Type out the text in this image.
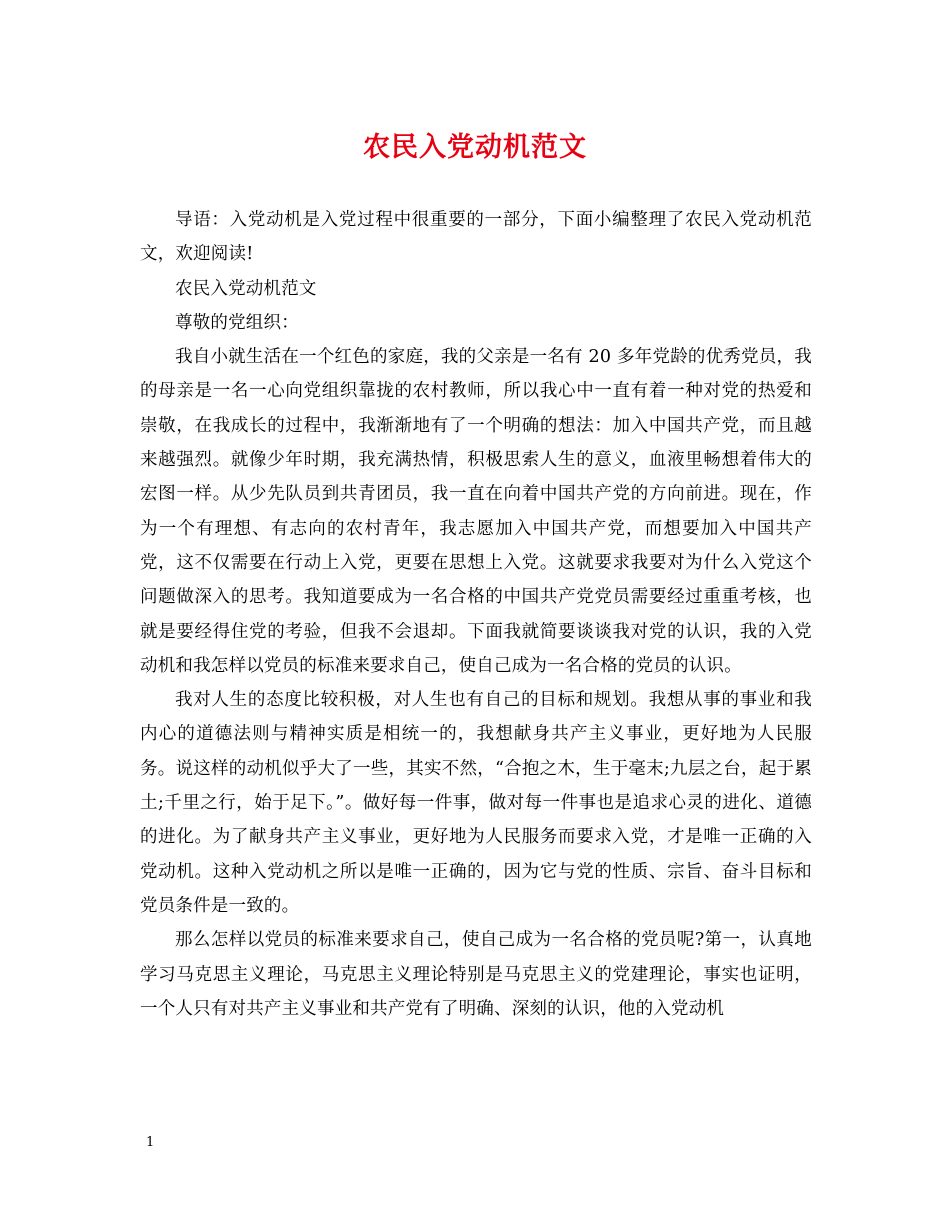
农民入党动机范文

导语：入党动机是入党过程中很重要的一部分，下面小编整理了农民入党动机范文，欢迎阅读!

农民入党动机范文

尊敬的党组织：

我自小就生活在一个红色的家庭，我的父亲是一名有 20 多年党龄的优秀党员，我的母亲是一名一心向党组织靠拢的农村教师，所以我心中一直有着一种对党的热爱和崇敬，在我成长的过程中，我渐渐地有了一个明确的想法：加入中国共产党，而且越来越强烈。就像少年时期，我充满热情，积极思索人生的意义，血液里畅想着伟大的宏图一样。从少先队员到共青团员，我一直在向着中国共产党的方向前进。现在，作为一个有理想、有志向的农村青年，我志愿加入中国共产党，而想要加入中国共产党，这不仅需要在行动上入党，更要在思想上入党。这就要求我要对为什么入党这个问题做深入的思考。我知道要成为一名合格的中国共产党党员需要经过重重考核，也就是要经得住党的考验，但我不会退却。下面我就简要谈谈我对党的认识，我的入党动机和我怎样以党员的标准来要求自己，使自己成为一名合格的党员的认识。

我对人生的态度比较积极，对人生也有自己的目标和规划。我想从事的事业和我内心的道德法则与精神实质是相统一的，我想献身共产主义事业，更好地为人民服务。说这样的动机似乎大了一些，其实不然，“合抱之木，生于毫末;九层之台，起于累土;千里之行，始于足下。”。做好每一件事，做对每一件事也是追求心灵的进化、道德的进化。为了献身共产主义事业，更好地为人民服务而要求入党，才是唯一正确的入党动机。这种入党动机之所以是唯一正确的，因为它与党的性质、宗旨、奋斗目标和党员条件是一致的。

那么怎样以党员的标准来要求自己，使自己成为一名合格的党员呢?第一，认真地学习马克思主义理论，马克思主义理论特别是马克思主义的党建理论，事实也证明，一个人只有对共产主义事业和共产党有了明确、深刻的认识，他的入党动机

1
